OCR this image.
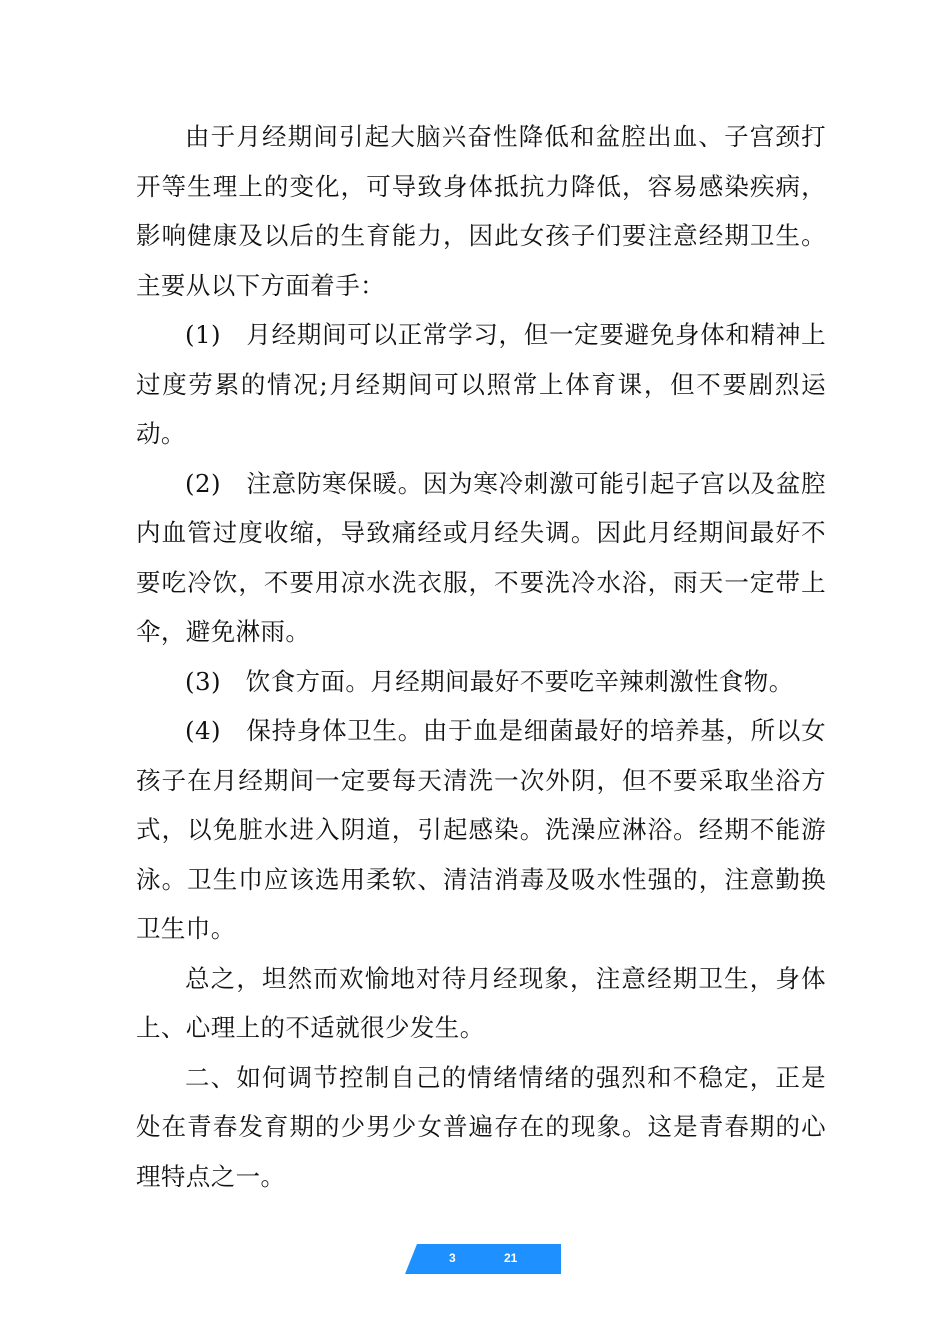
由于月经期间引起大脑兴奋性降低和盆腔出血、子宫颈打开等生理上的变化，可导致身体抵抗力降低，容易感染疾病，影响健康及以后的生育能力，因此女孩子们要注意经期卫生。主要从以下方面着手：

(1)　月经期间可以正常学习，但一定要避免身体和精神上过度劳累的情况;月经期间可以照常上体育课，但不要剧烈运动。

(2)　注意防寒保暖。因为寒冷刺激可能引起子宫以及盆腔内血管过度收缩，导致痛经或月经失调。因此月经期间最好不要吃冷饮，不要用凉水洗衣服，不要洗冷水浴，雨天一定带上伞，避免淋雨。

(3)　饮食方面。月经期间最好不要吃辛辣刺激性食物。

(4)　保持身体卫生。由于血是细菌最好的培养基，所以女孩子在月经期间一定要每天清洗一次外阴，但不要采取坐浴方式，以免脏水进入阴道，引起感染。洗澡应淋浴。经期不能游泳。卫生巾应该选用柔软、清洁消毒及吸水性强的，注意勤换卫生巾。

总之，坦然而欢愉地对待月经现象，注意经期卫生，身体上、心理上的不适就很少发生。

二、如何调节控制自己的情绪情绪的强烈和不稳定，正是处在青春发育期的少男少女普遍存在的现象。这是青春期的心理特点之一。

3	21
